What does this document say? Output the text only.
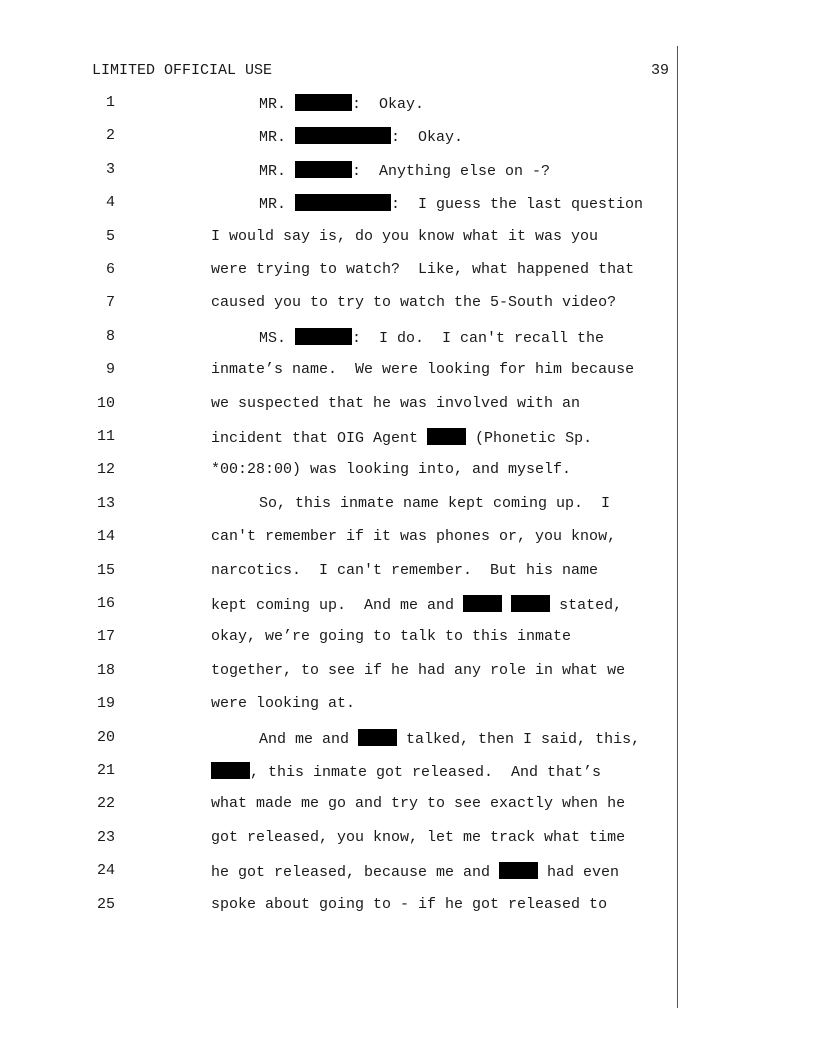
LIMITED OFFICIAL USE	39
1	MR.	:  Okay.
2	MR.	:  Okay.
3	MR.	:  Anything else on -?
4	MR.	:  I guess the last question
5	I would say is, do you know what it was you
6	were trying to watch?  Like, what happened that
7	caused you to try to watch the 5-South video?
8	MS.	:  I do.  I can't recall the
9	inmate’s name.  We were looking for him because
10	we suspected that he was involved with an
11	incident that OIG Agent	(Phonetic Sp.
12	*00:28:00) was looking into, and myself.
13	So, this inmate name kept coming up.  I
14	can't remember if it was phones or, you know,
15	narcotics.  I can't remember.  But his name
16	kept coming up.  And me and	stated,
17	okay, we’re going to talk to this inmate
18	together, to see if he had any role in what we
19	were looking at.
20	And me and	talked, then I said, this,
21	, this inmate got released.  And that’s
22	what made me go and try to see exactly when he
23	got released, you know, let me track what time
24	he got released, because me and	had even
25	spoke about going to - if he got released to
